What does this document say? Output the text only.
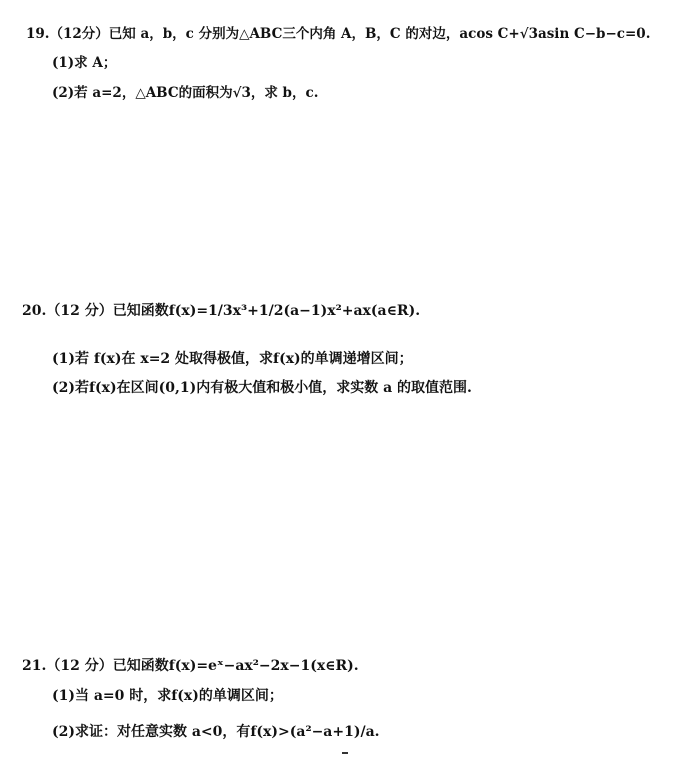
19.（12分）已知 a，b，c 分别为△ABC三个内角 A，B，C 的对边，acos C+√3asin C−b−c=0.
(1)求 A；
(2)若 a=2，△ABC的面积为√3，求 b，c.
20.（12 分）已知函数f(x)=1/3x³+1/2(a−1)x²+ax(a∈R).
(1)若 f(x)在 x=2 处取得极值，求f(x)的单调递增区间；
(2)若f(x)在区间(0,1)内有极大值和极小值，求实数 a 的取值范围.
21.（12 分）已知函数f(x)=eˣ−ax²−2x−1(x∈R).
(1)当 a=0 时，求f(x)的单调区间；
(2)求证：对任意实数 a<0，有f(x)>(a²−a+1)/a.
